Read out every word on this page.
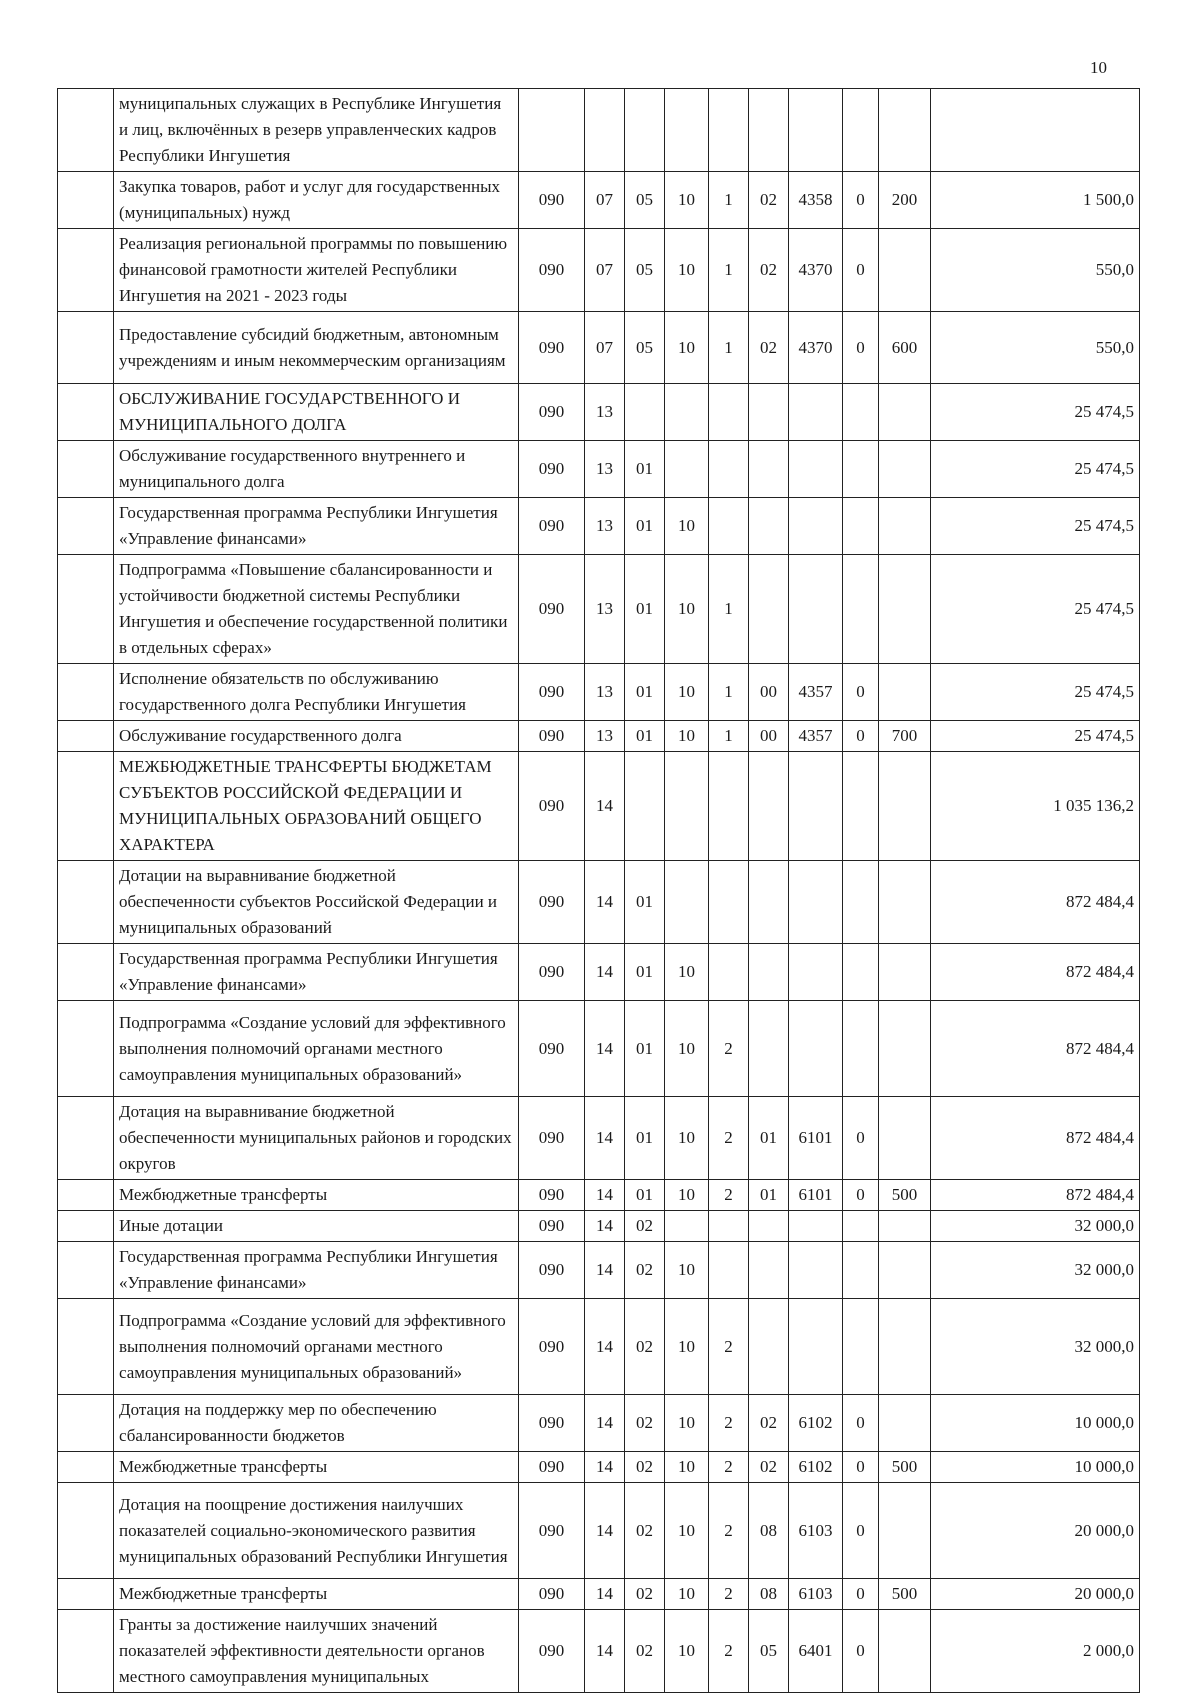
10
	муниципальных служащих в Республике Ингушетия и лиц, включённых в резерв управленческих кадров Республики Ингушетия										
	Закупка товаров, работ и услуг для государственных (муниципальных) нужд	090	07	05	10	1	02	4358	0	200	1 500,0
	Реализация региональной программы по повышению финансовой грамотности жителей Республики Ингушетия на 2021 - 2023 годы	090	07	05	10	1	02	4370	0		550,0
	Предоставление субсидий бюджетным, автономным учреждениям и иным некоммерческим организациям	090	07	05	10	1	02	4370	0	600	550,0
	ОБСЛУЖИВАНИЕ ГОСУДАРСТВЕННОГО И МУНИЦИПАЛЬНОГО ДОЛГА	090	13								25 474,5
	Обслуживание государственного внутреннего и муниципального долга	090	13	01							25 474,5
	Государственная программа Республики Ингушетия «Управление финансами»	090	13	01	10						25 474,5
	Подпрограмма «Повышение сбалансированности и устойчивости бюджетной системы Республики Ингушетия и обеспечение государственной политики в отдельных сферах»	090	13	01	10	1					25 474,5
	Исполнение обязательств по обслуживанию государственного долга Республики Ингушетия	090	13	01	10	1	00	4357	0		25 474,5
	Обслуживание государственного долга	090	13	01	10	1	00	4357	0	700	25 474,5
	МЕЖБЮДЖЕТНЫЕ ТРАНСФЕРТЫ БЮДЖЕТАМ СУБЪЕКТОВ РОССИЙСКОЙ ФЕДЕРАЦИИ И МУНИЦИПАЛЬНЫХ ОБРАЗОВАНИЙ ОБЩЕГО ХАРАКТЕРА	090	14								1 035 136,2
	Дотации на выравнивание бюджетной обеспеченности субъектов Российской Федерации и муниципальных образований	090	14	01							872 484,4
	Государственная программа Республики Ингушетия «Управление финансами»	090	14	01	10						872 484,4
	Подпрограмма «Создание условий для эффективного выполнения полномочий органами местного самоуправления муниципальных образований»	090	14	01	10	2					872 484,4
	Дотация на выравнивание бюджетной обеспеченности муниципальных районов и городских округов	090	14	01	10	2	01	6101	0		872 484,4
	Межбюджетные трансферты	090	14	01	10	2	01	6101	0	500	872 484,4
	Иные дотации	090	14	02							32 000,0
	Государственная программа Республики Ингушетия «Управление финансами»	090	14	02	10						32 000,0
	Подпрограмма «Создание условий для эффективного выполнения полномочий органами местного самоуправления муниципальных образований»	090	14	02	10	2					32 000,0
	Дотация на поддержку мер по обеспечению сбалансированности бюджетов	090	14	02	10	2	02	6102	0		10 000,0
	Межбюджетные трансферты	090	14	02	10	2	02	6102	0	500	10 000,0
	Дотация на поощрение достижения наилучших показателей социально-экономического развития муниципальных образований Республики Ингушетия	090	14	02	10	2	08	6103	0		20 000,0
	Межбюджетные трансферты	090	14	02	10	2	08	6103	0	500	20 000,0
	Гранты за достижение наилучших значений показателей эффективности деятельности органов местного самоуправления муниципальных	090	14	02	10	2	05	6401	0		2 000,0
